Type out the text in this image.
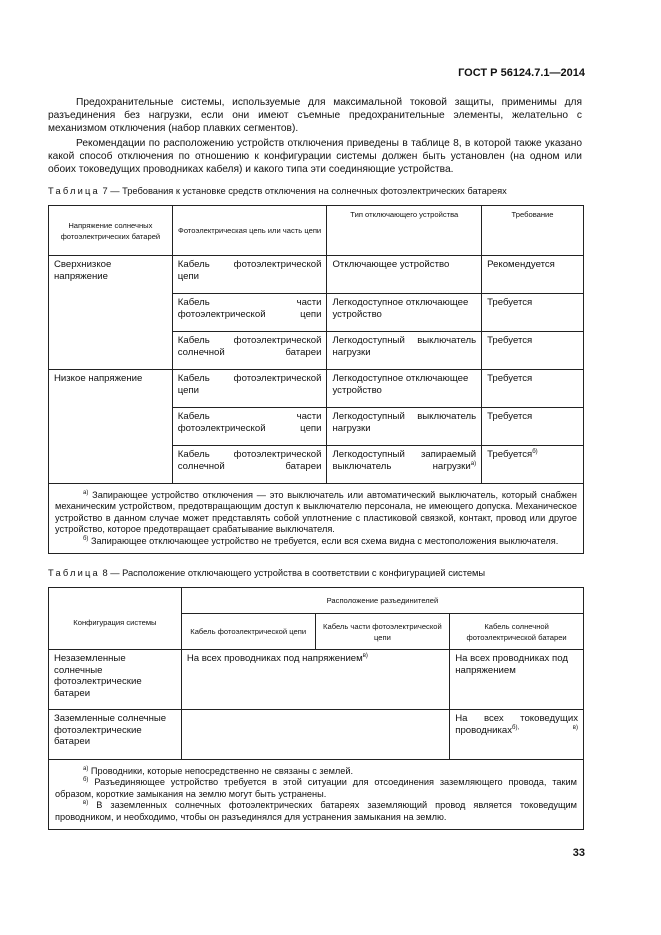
ГОСТ Р 56124.7.1—2014

Предохранительные системы, используемые для максимальной токовой защиты, применимы для разъединения без нагрузки, если они имеют съемные предохранительные элементы, желательно с механизмом отключения (набор плавких сегментов).

Рекомендации по расположению устройств отключения приведены в таблице 8, в которой также указано какой способ отключения по отношению к конфигурации системы должен быть установлен (на одном или обоих токоведущих проводниках кабеля) и какого типа эти соединяющие устройства.

Таблица 7 — Требования к установке средств отключения на солнечных фотоэлектрических батареях
Напряжение солнечных фотоэлектрических батарей	Фотоэлектрическая цепь или часть цепи	Тип отключающего устройства	Требование
Сверхнизкое напряжение	Кабель фотоэлектрической цепи	Отключающее устройство	Рекомендуется
	Кабель части фотоэлектрической цепи	Легкодоступное отключающее устройство	Требуется
	Кабель фотоэлектрической солнечной батареи	Легкодоступный выключатель нагрузки	Требуется
Низкое напряжение	Кабель фотоэлектрической цепи	Легкодоступное отключающее устройство	Требуется
	Кабель части фотоэлектрической цепи	Легкодоступный выключатель нагрузки	Требуется
	Кабель фотоэлектрической солнечной батареи	Легкодоступный запираемый выключатель нагрузки$^{а)}$	Требуется$^{б)}$

$^{а)}$ Запирающее устройство отключения — это выключатель или автоматический выключатель, который снабжен механическим устройством, предотвращающим доступ к выключателю персонала, не имеющего допуска. Механическое устройство в данном случае может представлять собой уплотнение с пластиковой связкой, контакт, провод или другое устройство, которое предотвращает срабатывание выключателя.

$^{б)}$ Запирающее отключающее устройство не требуется, если вся схема видна с местоположения выключателя.			

Таблица 8 — Расположение отключающего устройства в соответствии с конфигурацией системы
	Расположение разъединителей		
Конфигурация системы	Кабель фотоэлектрической цепи	Кабель части фотоэлектрической цепи	Кабель солнечной фотоэлектрической батареи
Незаземленные солнечные фотоэлектрические батареи	На всех проводниках под напряжением$^{в)}$		На всех проводниках под напряжением
Заземленные солнечные фотоэлектрические батареи			На всех токоведущих проводниках$^{б), в)}$

$^{а)}$ Проводники, которые непосредственно не связаны с землей.

$^{б)}$ Разъединяющее устройство требуется в этой ситуации для отсоединения заземляющего провода, таким образом, короткие замыкания на землю могут быть устранены.

$^{в)}$ В заземленных солнечных фотоэлектрических батареях заземляющий провод является токоведущим проводником, и необходимо, чтобы он разъединялся для устранения замыкания на землю.			

33
